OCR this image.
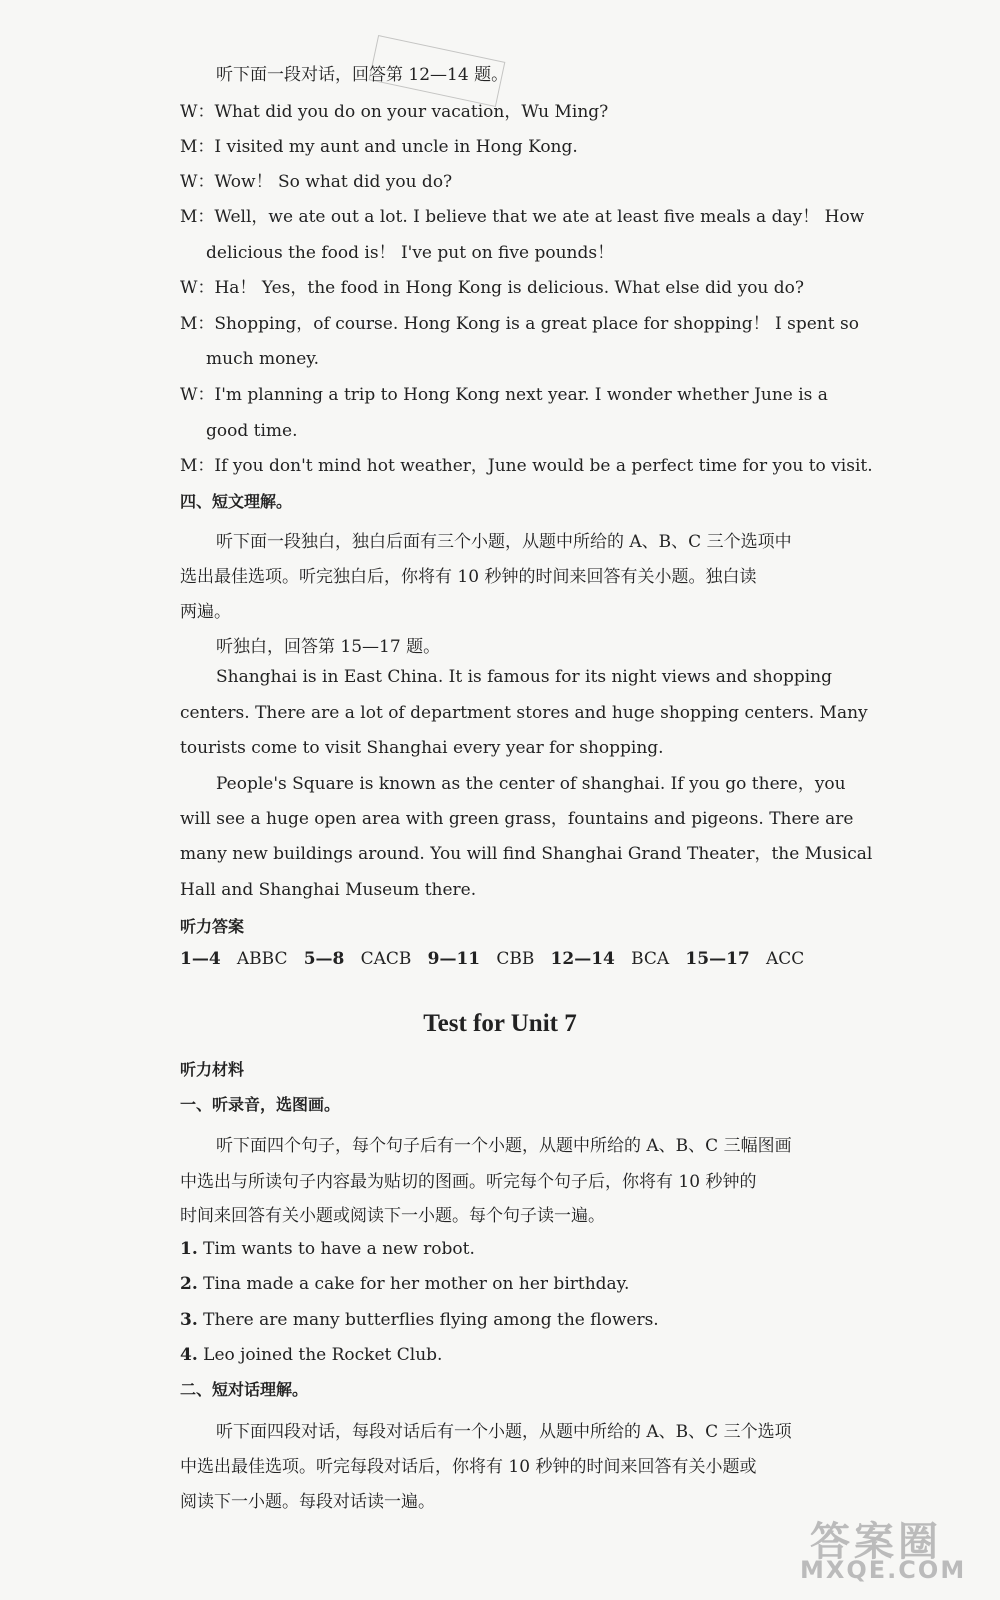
听下面一段对话，回答第 12—14 题。
W：What did you do on your vacation，Wu Ming?
M：I visited my aunt and uncle in Hong Kong.
W：Wow！ So what did you do?
M：Well，we ate out a lot. I believe that we ate at least five meals a day！ How
delicious the food is！ I've put on five pounds！
W：Ha！ Yes，the food in Hong Kong is delicious. What else did you do?
M：Shopping，of course. Hong Kong is a great place for shopping！ I spent so
much money.
W：I'm planning a trip to Hong Kong next year. I wonder whether June is a
good time.
M：If you don't mind hot weather，June would be a perfect time for you to visit.
四、短文理解。
听下面一段独白，独白后面有三个小题，从题中所给的 A、B、C 三个选项中
选出最佳选项。听完独白后，你将有 10 秒钟的时间来回答有关小题。独白读
两遍。
听独白，回答第 15—17 题。
Shanghai is in East China. It is famous for its night views and shopping
centers. There are a lot of department stores and huge shopping centers. Many
tourists come to visit Shanghai every year for shopping.
People's Square is known as the center of shanghai. If you go there，you
will see a huge open area with green grass，fountains and pigeons. There are
many new buildings around. You will find Shanghai Grand Theater，the Musical
Hall and Shanghai Museum there.
听力答案
1—4 ABBC 5—8 CACB 9—11 CBB 12—14 BCA 15—17 ACC
Test for Unit 7
听力材料
一、听录音，选图画。
听下面四个句子，每个句子后有一个小题，从题中所给的 A、B、C 三幅图画
中选出与所读句子内容最为贴切的图画。听完每个句子后，你将有 10 秒钟的
时间来回答有关小题或阅读下一小题。每个句子读一遍。
1. Tim wants to have a new robot.
2. Tina made a cake for her mother on her birthday.
3. There are many butterflies flying among the flowers.
4. Leo joined the Rocket Club.
二、短对话理解。
听下面四段对话，每段对话后有一个小题，从题中所给的 A、B、C 三个选项
中选出最佳选项。听完每段对话后，你将有 10 秒钟的时间来回答有关小题或
阅读下一小题。每段对话读一遍。
答案圈
MXQE.COM
